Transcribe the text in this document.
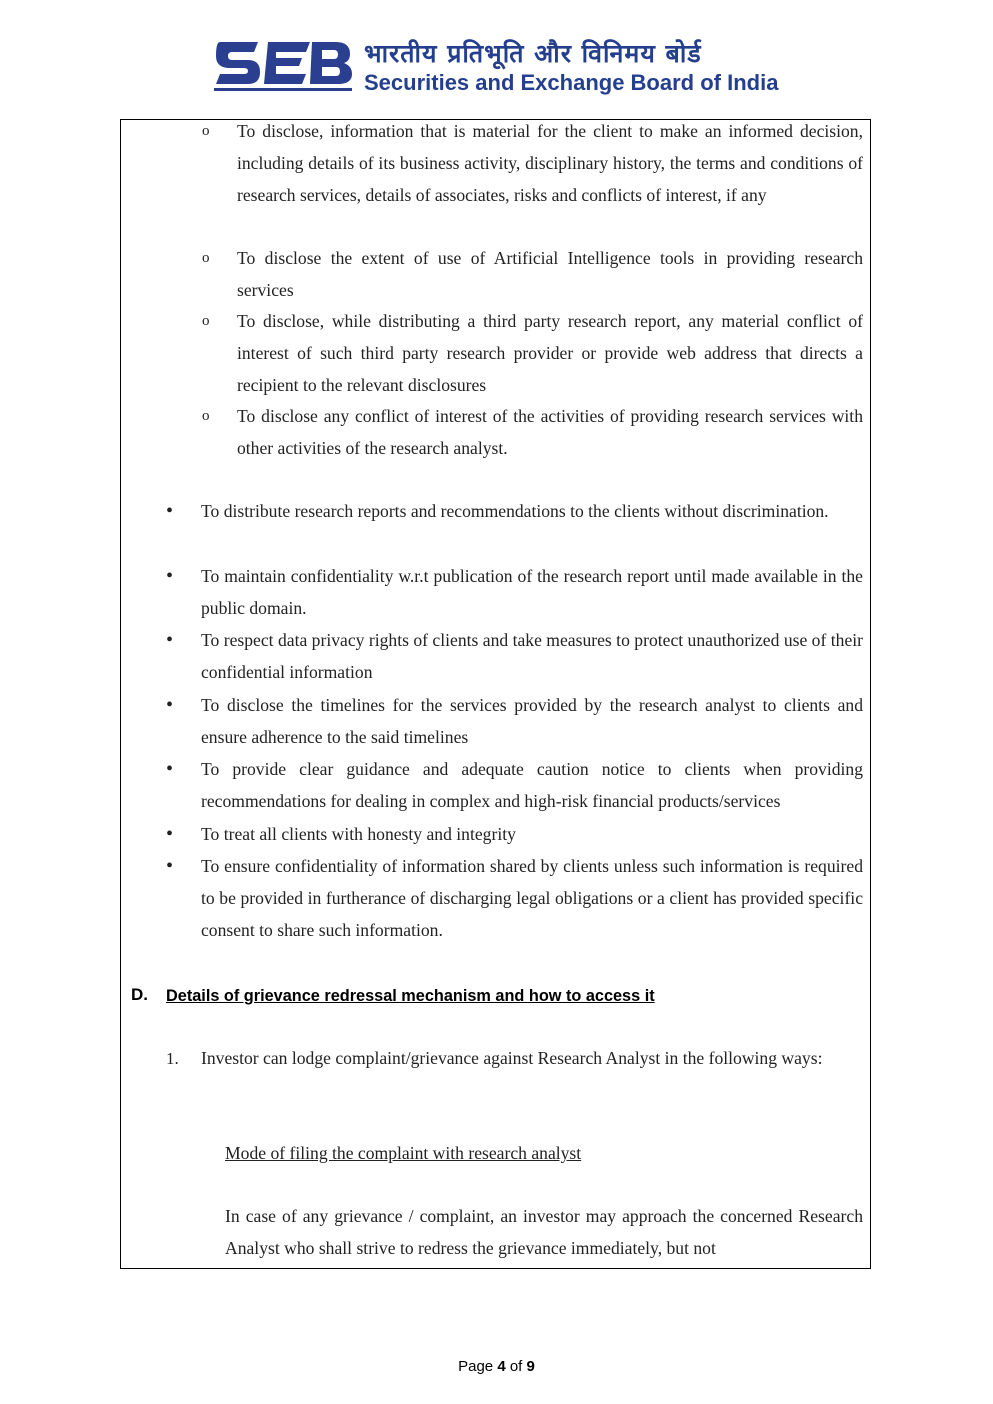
भारतीय प्रतिभूति और विनिमय बोर्ड
Securities and Exchange Board of India
o To disclose, information that is material for the client to make an informed decision, including details of its business activity, disciplinary history, the terms and conditions of research services, details of associates, risks and conflicts of interest, if any
o To disclose the extent of use of Artificial Intelligence tools in providing research services
o To disclose, while distributing a third party research report, any material conflict of interest of such third party research provider or provide web address that directs a recipient to the relevant disclosures
o To disclose any conflict of interest of the activities of providing research services with other activities of the research analyst.
• To distribute research reports and recommendations to the clients without discrimination.
• To maintain confidentiality w.r.t publication of the research report until made available in the public domain.
• To respect data privacy rights of clients and take measures to protect unauthorized use of their confidential information
• To disclose the timelines for the services provided by the research analyst to clients and ensure adherence to the said timelines
• To provide clear guidance and adequate caution notice to clients when providing recommendations for dealing in complex and high-risk financial products/services
• To treat all clients with honesty and integrity
• To ensure confidentiality of information shared by clients unless such information is required to be provided in furtherance of discharging legal obligations or a client has provided specific consent to share such information.
D. Details of grievance redressal mechanism and how to access it
1. Investor can lodge complaint/grievance against Research Analyst in the following ways:
Mode of filing the complaint with research analyst
In case of any grievance / complaint, an investor may approach the concerned Research Analyst who shall strive to redress the grievance immediately, but not
Page 4 of 9
